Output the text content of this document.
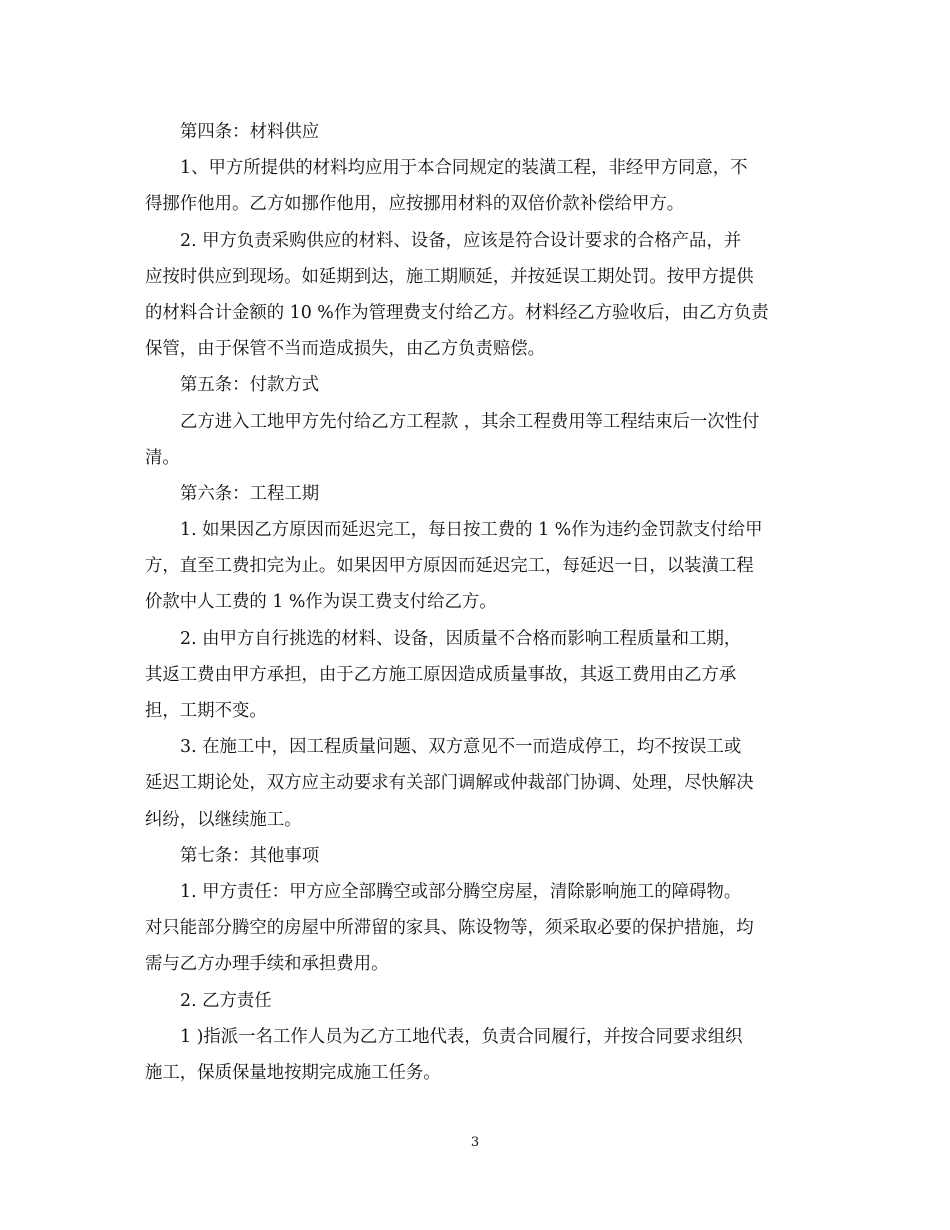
第四条：材料供应
1、甲方所提供的材料均应用于本合同规定的装潢工程，非经甲方同意，不
得挪作他用。乙方如挪作他用，应按挪用材料的双倍价款补偿给甲方。
2. 甲方负责采购供应的材料、设备，应该是符合设计要求的合格产品，并
应按时供应到现场。如延期到达，施工期顺延，并按延误工期处罚。按甲方提供
的材料合计金额的 10 %作为管理费支付给乙方。材料经乙方验收后，由乙方负责
保管，由于保管不当而造成损失，由乙方负责赔偿。
第五条：付款方式
乙方进入工地甲方先付给乙方工程款 ，其余工程费用等工程结束后一次性付
清。
第六条：工程工期
1. 如果因乙方原因而延迟完工，每日按工费的 1 %作为违约金罚款支付给甲
方，直至工费扣完为止。如果因甲方原因而延迟完工，每延迟一日，以装潢工程
价款中人工费的 1 %作为误工费支付给乙方。
2. 由甲方自行挑选的材料、设备，因质量不合格而影响工程质量和工期，
其返工费由甲方承担，由于乙方施工原因造成质量事故，其返工费用由乙方承
担，工期不变。
3. 在施工中，因工程质量问题、双方意见不一而造成停工，均不按误工或
延迟工期论处，双方应主动要求有关部门调解或仲裁部门协调、处理，尽快解决
纠纷，以继续施工。
第七条：其他事项
1. 甲方责任：甲方应全部腾空或部分腾空房屋，清除影响施工的障碍物。
对只能部分腾空的房屋中所滞留的家具、陈设物等，须采取必要的保护措施，均
需与乙方办理手续和承担费用。
2. 乙方责任
1 )指派一名工作人员为乙方工地代表，负责合同履行，并按合同要求组织
施工，保质保量地按期完成施工任务。
3
